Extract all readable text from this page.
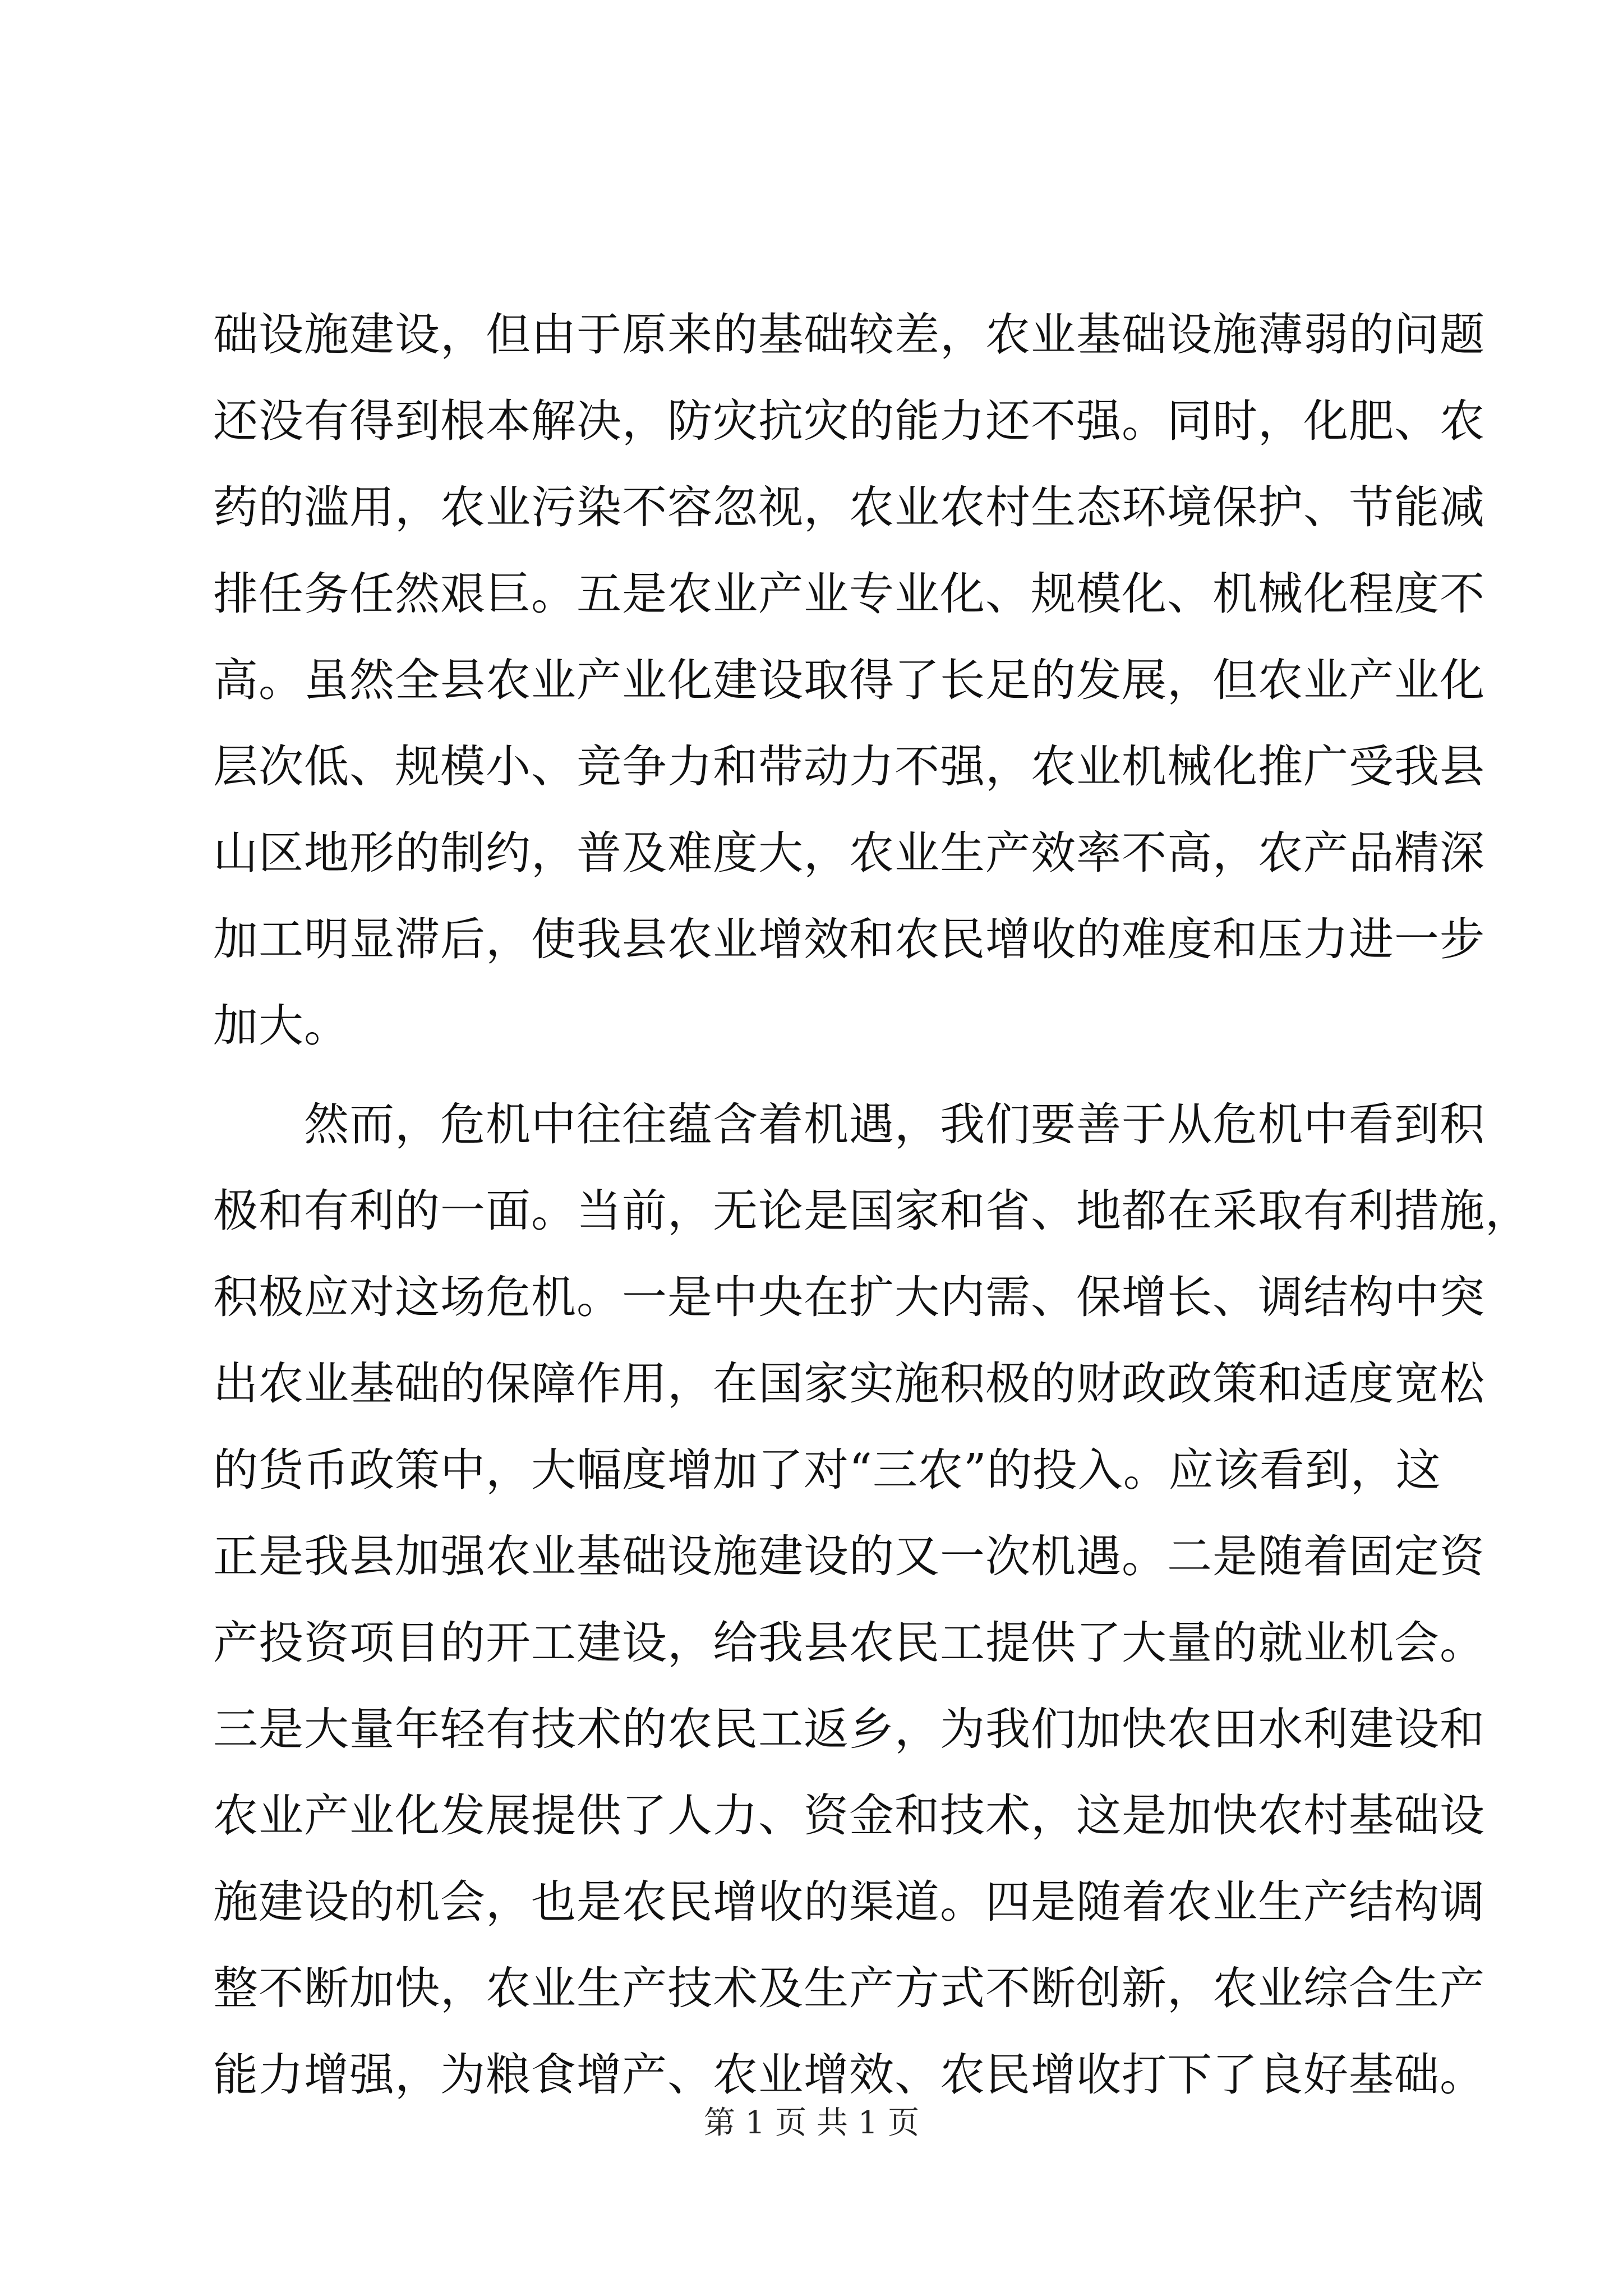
础设施建设，但由于原来的基础较差，农业基础设施薄弱的问题
还没有得到根本解决，防灾抗灾的能力还不强。同时，化肥、农
药的滥用，农业污染不容忽视，农业农村生态环境保护、节能减
排任务任然艰巨。五是农业产业专业化、规模化、机械化程度不
高。虽然全县农业产业化建设取得了长足的发展，但农业产业化
层次低、规模小、竞争力和带动力不强，农业机械化推广受我县
山区地形的制约，普及难度大，农业生产效率不高，农产品精深
加工明显滞后，使我县农业增效和农民增收的难度和压力进一步
加大。
然而，危机中往往蕴含着机遇，我们要善于从危机中看到积
极和有利的一面。当前，无论是国家和省、地都在采取有利措施，
积极应对这场危机。一是中央在扩大内需、保增长、调结构中突
出农业基础的保障作用，在国家实施积极的财政政策和适度宽松
的货币政策中，大幅度增加了对“三农”的投入。应该看到，这
正是我县加强农业基础设施建设的又一次机遇。二是随着固定资
产投资项目的开工建设，给我县农民工提供了大量的就业机会。
三是大量年轻有技术的农民工返乡，为我们加快农田水利建设和
农业产业化发展提供了人力、资金和技术，这是加快农村基础设
施建设的机会，也是农民增收的渠道。四是随着农业生产结构调
整不断加快，农业生产技术及生产方式不断创新，农业综合生产
能力增强，为粮食增产、农业增效、农民增收打下了良好基础。
第 1 页 共 1 页
